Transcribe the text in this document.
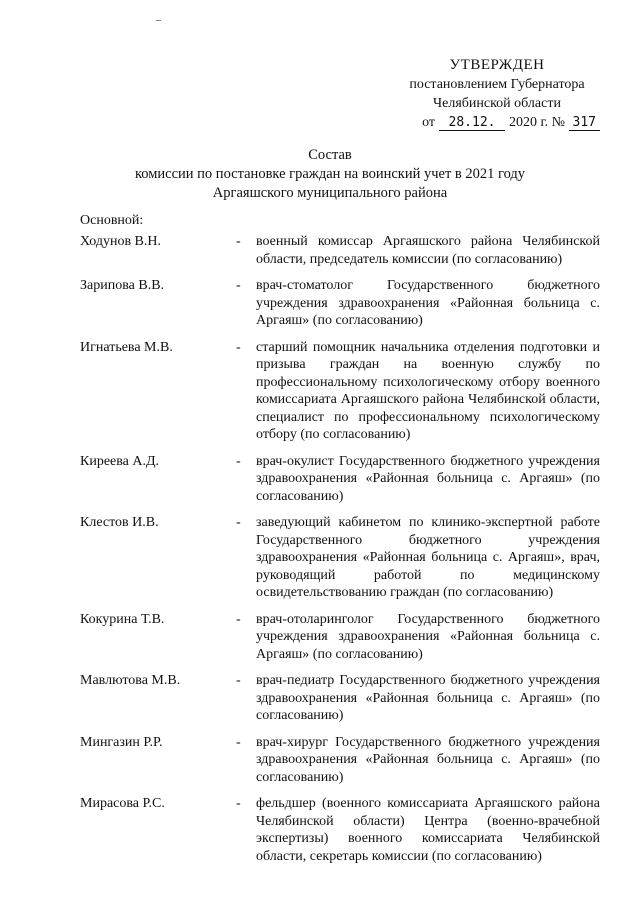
УТВЕРЖДЕН
постановлением Губернатора
Челябинской области
от 28.12. 2020 г. № 317
Состав
комиссии по постановке граждан на воинский учет в 2021 году
Аргаяшского муниципального района
Основной:
Ходунов В.Н.	-	военный комиссар Аргаяшского района Челябинской области, председатель комиссии (по согласованию)
Зарипова В.В.	-	врач-стоматолог Государственного бюджетного учреждения здравоохранения «Районная больница с. Аргаяш» (по согласованию)
Игнатьева М.В.	-	старший помощник начальника отделения подготовки и призыва граждан на военную службу по профессиональному психологическому отбору военного комиссариата Аргаяшского района Челябинской области, специалист по профессиональному психологическому отбору (по согласованию)
Киреева А.Д.	-	врач-окулист Государственного бюджетного учреждения здравоохранения «Районная больница с. Аргаяш» (по согласованию)
Клестов И.В.	-	заведующий кабинетом по клинико-экспертной работе Государственного бюджетного учреждения здравоохранения «Районная больница с. Аргаяш», врач, руководящий работой по медицинскому освидетельствованию граждан (по согласованию)
Кокурина Т.В.	-	врач-отоларинголог Государственного бюджетного учреждения здравоохранения «Районная больница с. Аргаяш» (по согласованию)
Мавлютова М.В.	-	врач-педиатр Государственного бюджетного учреждения здравоохранения «Районная больница с. Аргаяш» (по согласованию)
Мингазин Р.Р.	-	врач-хирург Государственного бюджетного учреждения здравоохранения «Районная больница с. Аргаяш» (по согласованию)
Мирасова Р.С.	-	фельдшер (военного комиссариата Аргаяшского района Челябинской области) Центра (военно-врачебной экспертизы) военного комиссариата Челябинской области, секретарь комиссии (по согласованию)
